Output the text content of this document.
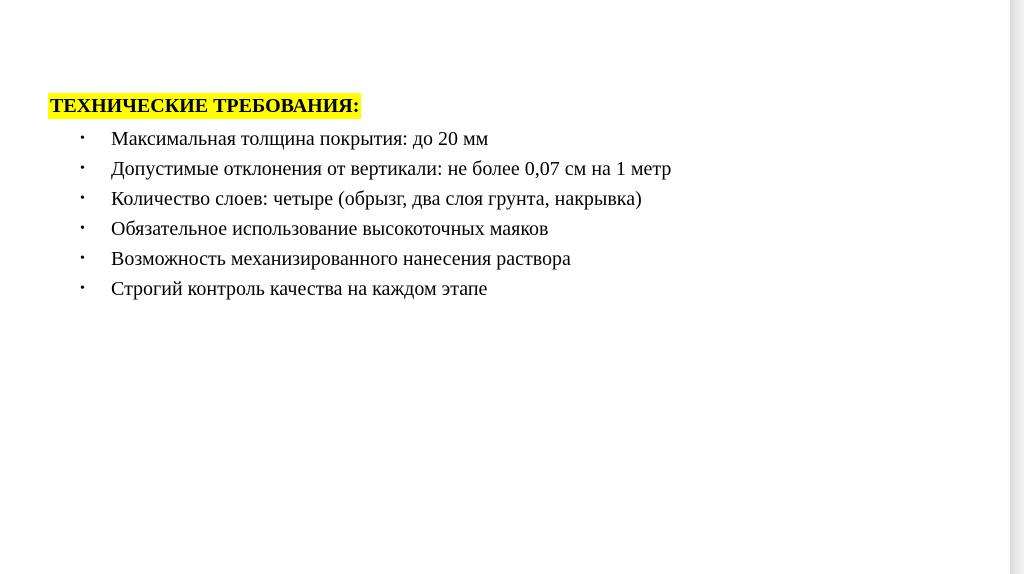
ТЕХНИЧЕСКИЕ ТРЕБОВАНИЯ:
• Максимальная толщина покрытия: до 20 мм
• Допустимые отклонения от вертикали: не более 0,07 см на 1 метр
• Количество слоев: четыре (обрызг, два слоя грунта, накрывка)
• Обязательное использование высокоточных маяков
• Возможность механизированного нанесения раствора
• Строгий контроль качества на каждом этапе
